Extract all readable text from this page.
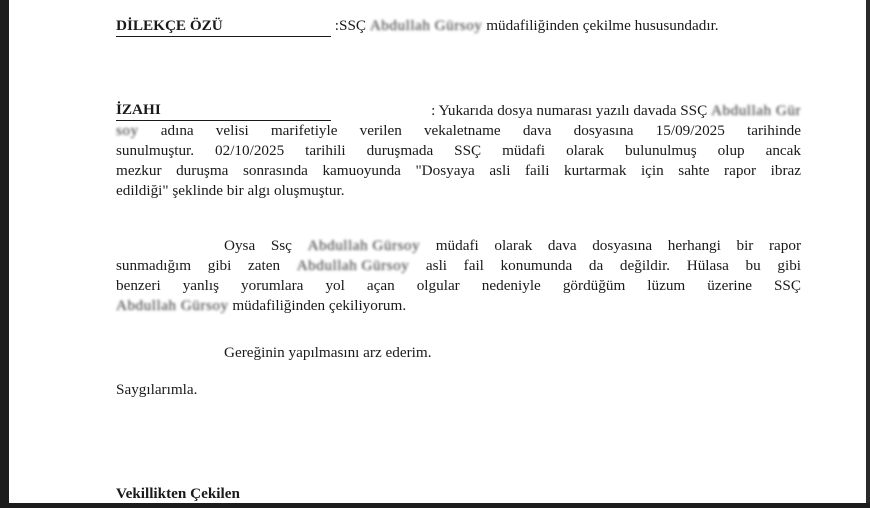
DİLEKÇE ÖZÜ	:SSÇ Abdullah Gürsoy müdafiliğinden çekilme hususundadır.
İZAHI	: Yukarıda dosya numarası yazılı davada SSÇ Abdullah Gür
soy adına velisi marifetiyle verilen vekaletname dava dosyasına 15/09/2025 tarihinde
sunulmuştur. 02/10/2025 tarihili duruşmada SSÇ müdafi olarak bulunulmuş olup ancak
mezkur duruşma sonrasında kamuoyunda "Dosyaya asli faili kurtarmak için sahte rapor ibraz
edildiği" şeklinde bir algı oluşmuştur.
Oysa Ssç Abdullah Gürsoy müdafi olarak dava dosyasına herhangi bir rapor
sunmadığım gibi zaten Abdullah Gürsoy asli fail konumunda da değildir. Hülasa bu gibi
benzeri yanlış yorumlara yol açan olgular nedeniyle gördüğüm lüzum üzerine SSÇ
Abdullah Gürsoy müdafiliğinden çekiliyorum.
Gereğinin yapılmasını arz ederim.
Saygılarımla.
Vekillikten Çekilen
